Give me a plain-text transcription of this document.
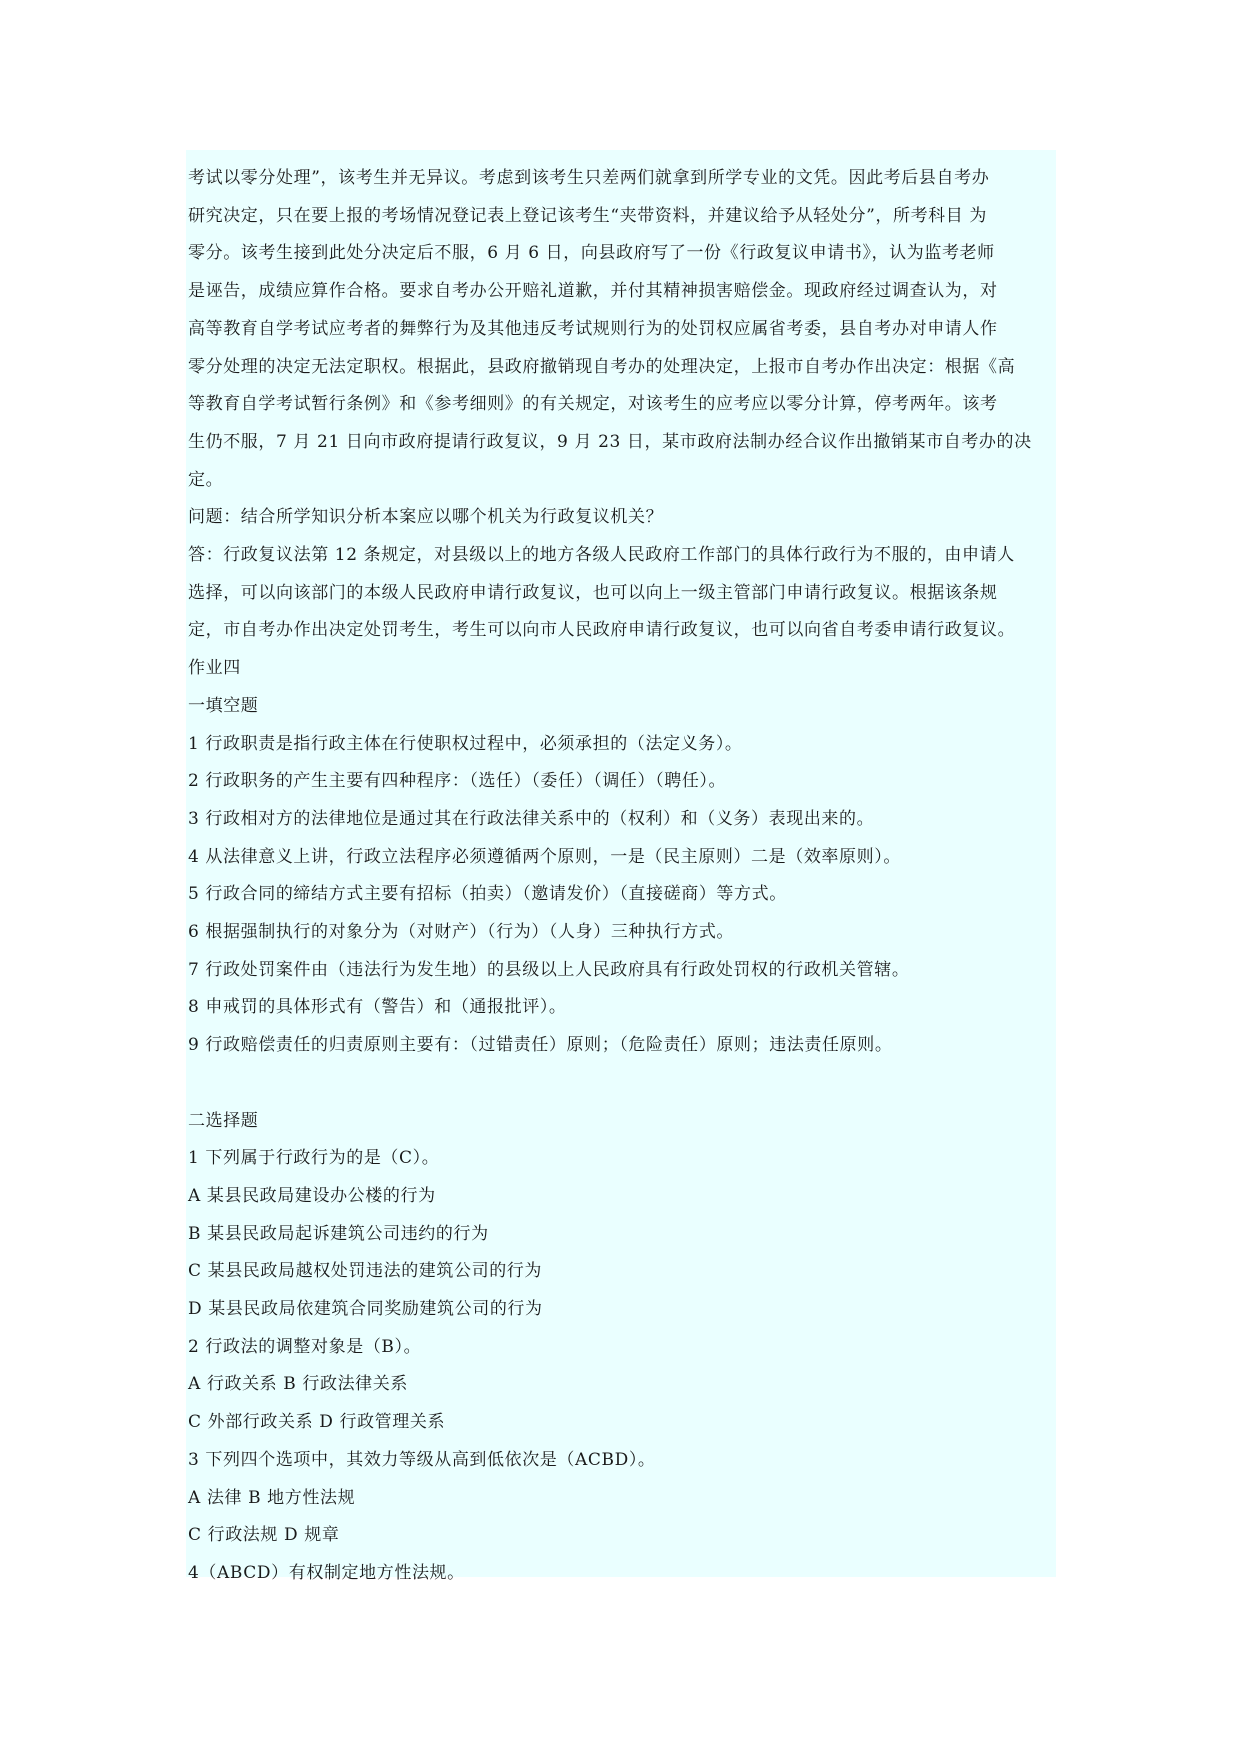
考试以零分处理”，该考生并无异议。考虑到该考生只差两们就拿到所学专业的文凭。因此考后县自考办

研究决定，只在要上报的考场情况登记表上登记该考生“夹带资料，并建议给予从轻处分”，所考科目 为

零分。该考生接到此处分决定后不服，6 月 6 日，向县政府写了一份《行政复议申请书》，认为监考老师

是诬告，成绩应算作合格。要求自考办公开赔礼道歉，并付其精神损害赔偿金。现政府经过调查认为，对

高等教育自学考试应考者的舞弊行为及其他违反考试规则行为的处罚权应属省考委，县自考办对申请人作

零分处理的决定无法定职权。根据此，县政府撤销现自考办的处理决定，上报市自考办作出决定：根据《高

等教育自学考试暂行条例》和《参考细则》的有关规定，对该考生的应考应以零分计算，停考两年。该考

生仍不服，7 月 21 日向市政府提请行政复议，9 月 23 日，某市政府法制办经合议作出撤销某市自考办的决

定。

问题：结合所学知识分析本案应以哪个机关为行政复议机关？

答：行政复议法第 12 条规定，对县级以上的地方各级人民政府工作部门的具体行政行为不服的，由申请人

选择，可以向该部门的本级人民政府申请行政复议，也可以向上一级主管部门申请行政复议。根据该条规

定，市自考办作出决定处罚考生，考生可以向市人民政府申请行政复议，也可以向省自考委申请行政复议。

作业四

一填空题

1 行政职责是指行政主体在行使职权过程中，必须承担的（法定义务）。

2 行政职务的产生主要有四种程序：（选任）（委任）（调任）（聘任）。

3 行政相对方的法律地位是通过其在行政法律关系中的（权利）和（义务）表现出来的。

4 从法律意义上讲，行政立法程序必须遵循两个原则，一是（民主原则）二是（效率原则）。

5 行政合同的缔结方式主要有招标（拍卖）（邀请发价）（直接磋商）等方式。

6 根据强制执行的对象分为（对财产）（行为）（人身）三种执行方式。

7 行政处罚案件由（违法行为发生地）的县级以上人民政府具有行政处罚权的行政机关管辖。

8 申戒罚的具体形式有（警告）和（通报批评）。

9 行政赔偿责任的归责原则主要有：（过错责任）原则；（危险责任）原则；违法责任原则。

二选择题

1 下列属于行政行为的是（C）。

A 某县民政局建设办公楼的行为

B 某县民政局起诉建筑公司违约的行为

C 某县民政局越权处罚违法的建筑公司的行为

D 某县民政局依建筑合同奖励建筑公司的行为

2 行政法的调整对象是（B）。

A 行政关系 B 行政法律关系

C 外部行政关系 D 行政管理关系

3 下列四个选项中，其效力等级从高到低依次是（ACBD）。

A 法律 B 地方性法规

C 行政法规 D 规章

4（ABCD）有权制定地方性法规。
